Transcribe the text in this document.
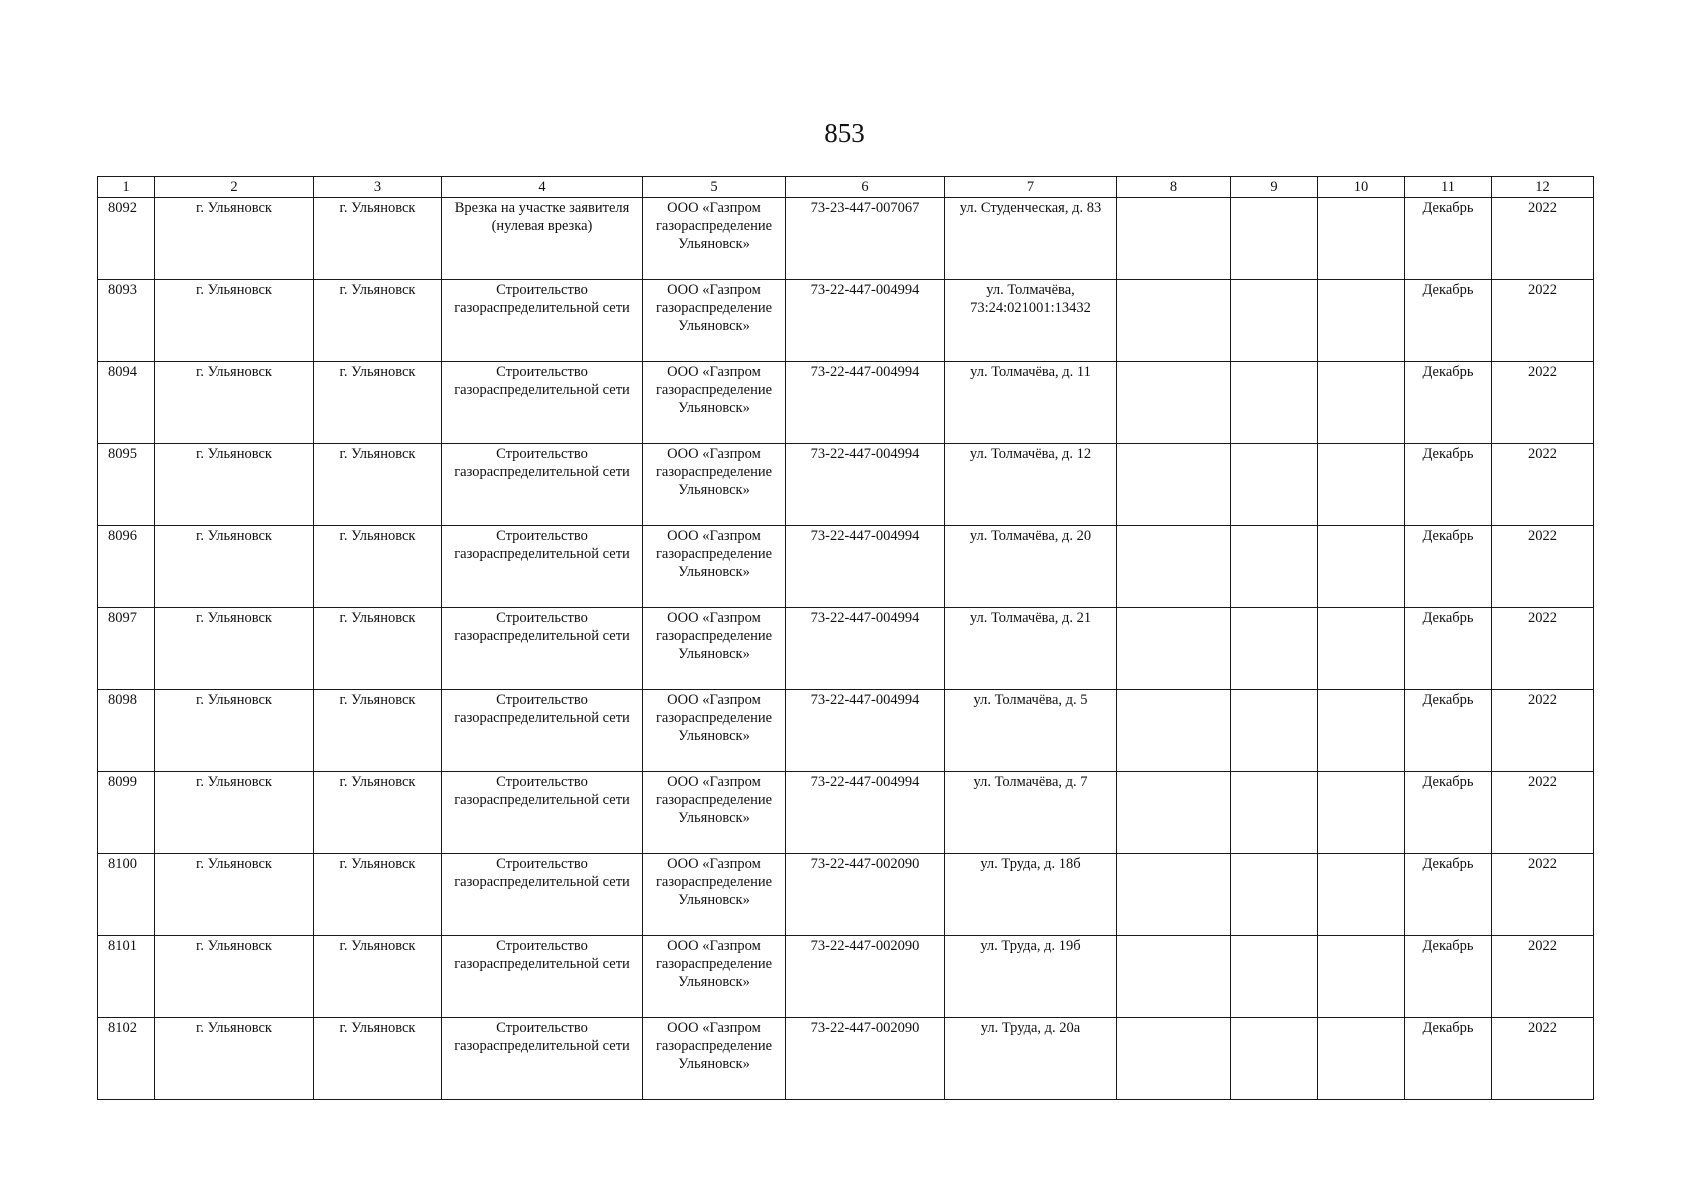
853
1	2	3	4	5	6	7	8	9	10	11	12
8092	г. Ульяновск	г. Ульяновск	Врезка на участке заявителя (нулевая врезка)	ООО «Газпром газораспределение Ульяновск»	73-23-447-007067	ул. Студенческая, д. 83				Декабрь	2022
8093	г. Ульяновск	г. Ульяновск	Строительство газораспределительной сети	ООО «Газпром газораспределение Ульяновск»	73-22-447-004994	ул. Толмачёва, 73:24:021001:13432				Декабрь	2022
8094	г. Ульяновск	г. Ульяновск	Строительство газораспределительной сети	ООО «Газпром газораспределение Ульяновск»	73-22-447-004994	ул. Толмачёва, д. 11				Декабрь	2022
8095	г. Ульяновск	г. Ульяновск	Строительство газораспределительной сети	ООО «Газпром газораспределение Ульяновск»	73-22-447-004994	ул. Толмачёва, д. 12				Декабрь	2022
8096	г. Ульяновск	г. Ульяновск	Строительство газораспределительной сети	ООО «Газпром газораспределение Ульяновск»	73-22-447-004994	ул. Толмачёва, д. 20				Декабрь	2022
8097	г. Ульяновск	г. Ульяновск	Строительство газораспределительной сети	ООО «Газпром газораспределение Ульяновск»	73-22-447-004994	ул. Толмачёва, д. 21				Декабрь	2022
8098	г. Ульяновск	г. Ульяновск	Строительство газораспределительной сети	ООО «Газпром газораспределение Ульяновск»	73-22-447-004994	ул. Толмачёва, д. 5				Декабрь	2022
8099	г. Ульяновск	г. Ульяновск	Строительство газораспределительной сети	ООО «Газпром газораспределение Ульяновск»	73-22-447-004994	ул. Толмачёва, д. 7				Декабрь	2022
8100	г. Ульяновск	г. Ульяновск	Строительство газораспределительной сети	ООО «Газпром газораспределение Ульяновск»	73-22-447-002090	ул. Труда, д. 18б				Декабрь	2022
8101	г. Ульяновск	г. Ульяновск	Строительство газораспределительной сети	ООО «Газпром газораспределение Ульяновск»	73-22-447-002090	ул. Труда, д. 19б				Декабрь	2022
8102	г. Ульяновск	г. Ульяновск	Строительство газораспределительной сети	ООО «Газпром газораспределение Ульяновск»	73-22-447-002090	ул. Труда, д. 20а				Декабрь	2022
